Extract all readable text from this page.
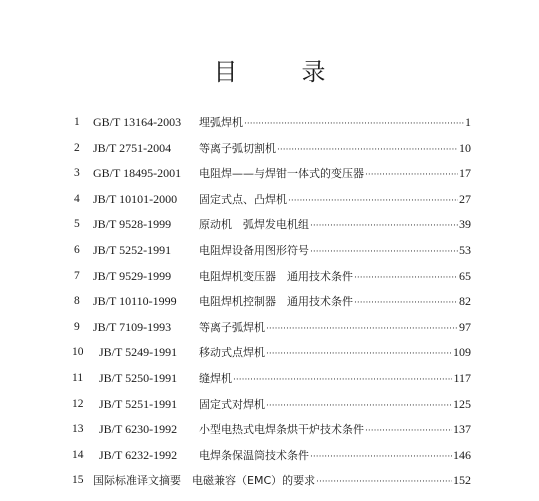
目　录
1	GB/T 13164-2003 埋弧焊机 ·····	1
2	JB/T 2751-2004	等离子弧切割机 ·····	10
3	GB/T 18495-2001 电阻焊——与焊钳一体式的变压器 ·····	17
4	JB/T 10101-2000 固定式点、凸焊机 ·····	27
5	JB/T 9528-1999	原动机　弧焊发电机组 ·····	39
6	JB/T 5252-1991	电阻焊设备用图形符号 ·····	53
7	JB/T 9529-1999	电阻焊机变压器　通用技术条件 ·····	65
8	JB/T 10110-1999 电阻焊机控制器　通用技术条件 ·····	82
9	JB/T 7109-1993	等离子弧焊机 ·····	97
10 JB/T 5249-1991 移动式点焊机 ·····	109
11 JB/T 5250-1991 缝焊机 ·····	117
12 JB/T 5251-1991 固定式对焊机 ·····	125
13 JB/T 6230-1992 小型电热式电焊条烘干炉技术条件 ·····	137
14 JB/T 6232-1992 电焊条保温筒技术条件 ·····	146
15 国际标准译文摘要　电磁兼容（EMC）的要求 ·····	152
